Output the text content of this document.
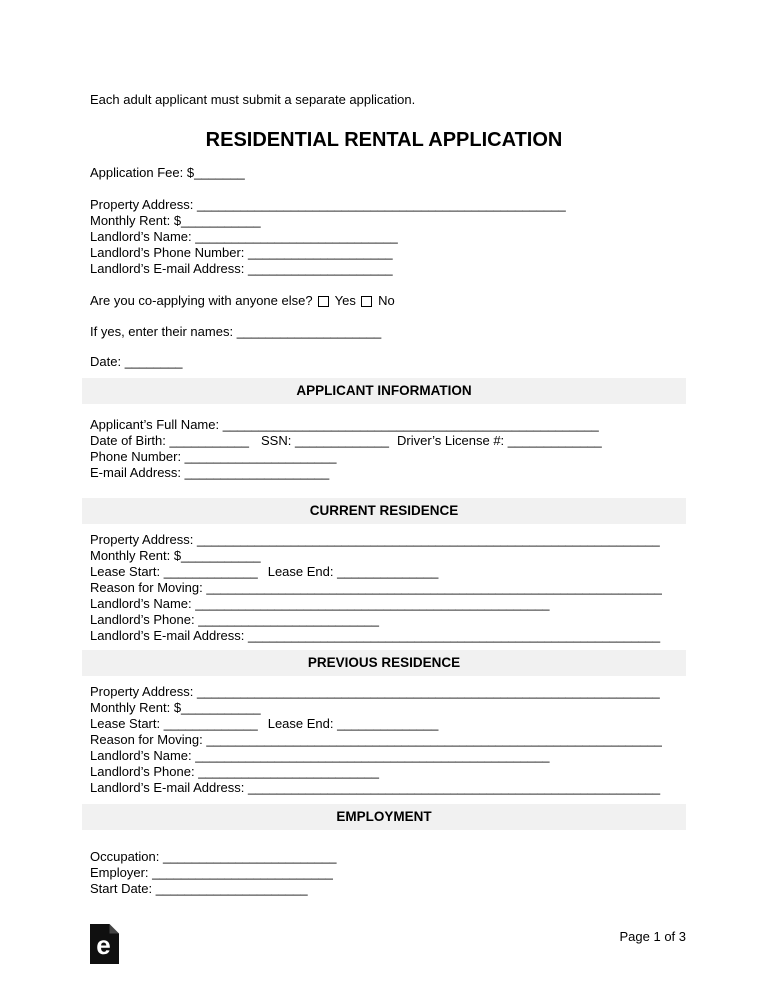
Each adult applicant must submit a separate application.

RESIDENTIAL RENTAL APPLICATION

Application Fee: $_______

Property Address: ___________________________________________________

Monthly Rent: $___________

Landlord’s Name: ____________________________

Landlord’s Phone Number: ____________________

Landlord’s E-mail Address: ____________________

Are you co-applying with anyone else? Yes No

If yes, enter their names: ____________________

Date: ________

APPLICANT INFORMATION

Applicant’s Full Name: ____________________________________________________

Date of Birth: ___________ SSN: _____________ Driver’s License #: _____________

Phone Number: _____________________

E-mail Address: ____________________

CURRENT RESIDENCE

Property Address: ________________________________________________________________

Monthly Rent: $___________

Lease Start: _____________ Lease End: ______________

Reason for Moving: _______________________________________________________________

Landlord’s Name: _________________________________________________

Landlord’s Phone: _________________________

Landlord’s E-mail Address: _________________________________________________________

PREVIOUS RESIDENCE

Property Address: ________________________________________________________________

Monthly Rent: $___________

Lease Start: _____________ Lease End: ______________

Reason for Moving: _______________________________________________________________

Landlord’s Name: _________________________________________________

Landlord’s Phone: _________________________

Landlord’s E-mail Address: _________________________________________________________

EMPLOYMENT

Occupation: ________________________

Employer: _________________________

Start Date: _____________________

e	Page 1 of 3
